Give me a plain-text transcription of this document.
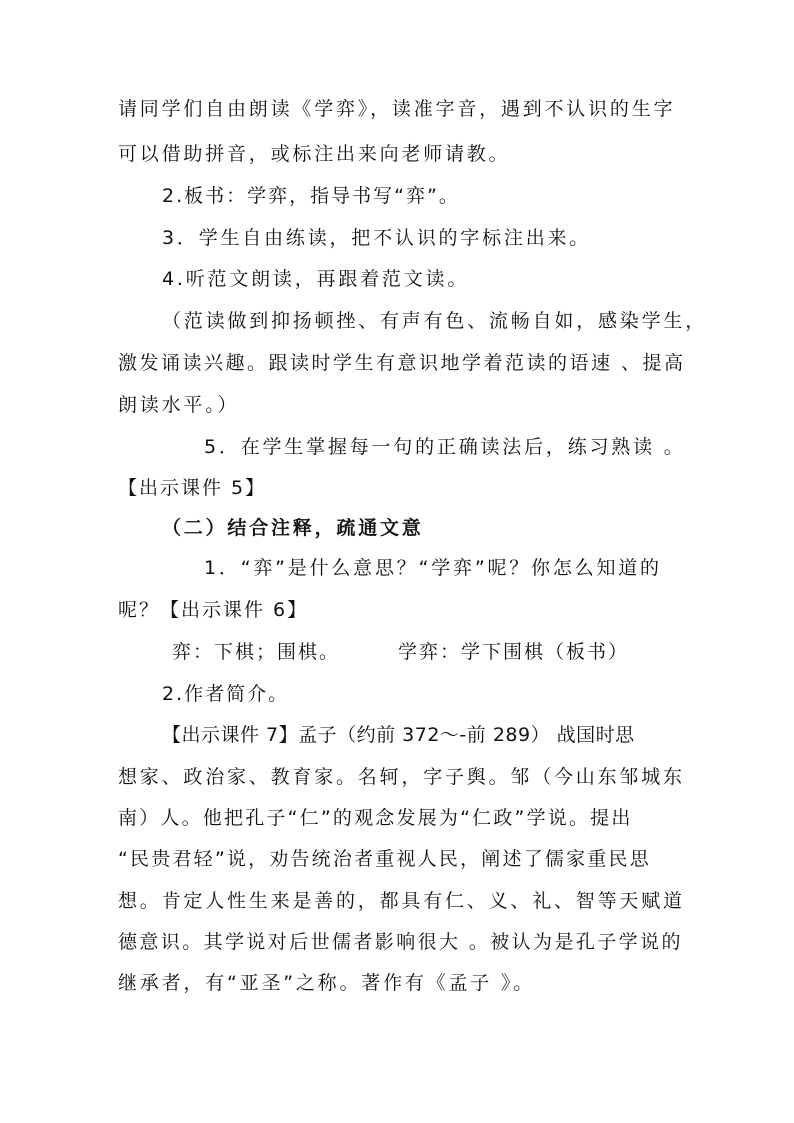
请同学们自由朗读《学弈》，读准字音，遇到不认识的生字
可以借助拼音，或标注出来向老师请教。
2.板书：学弈，指导书写“弈”。
3．学生自由练读，把不认识的字标注出来。
4.听范文朗读，再跟着范文读。
（范读做到抑扬顿挫、有声有色、流畅自如，感染学生，
激发诵读兴趣。跟读时学生有意识地学着范读的语速 、提高
朗读水平。）
5．在学生掌握每一句的正确读法后，练习熟读 。
【出示课件 5】
（二）结合注释，疏通文意
1．“弈”是什么意思？“学弈”呢？你怎么知道的
呢？【出示课件 6】
弈：下棋；围棋。	学弈：学下围棋（板书）
2.作者简介。
【出示课件 7】孟子（约前 372～-前 289） 战国时思
想家、政治家、教育家。名轲，字子舆。邹（今山东邹城东
南）人。他把孔子“仁”的观念发展为“仁政”学说。提出
“民贵君轻”说，劝告统治者重视人民，阐述了儒家重民思
想。肯定人性生来是善的，都具有仁、义、礼、智等天赋道
德意识。其学说对后世儒者影响很大 。被认为是孔子学说的
继承者，有“亚圣”之称。著作有《孟子 》。
